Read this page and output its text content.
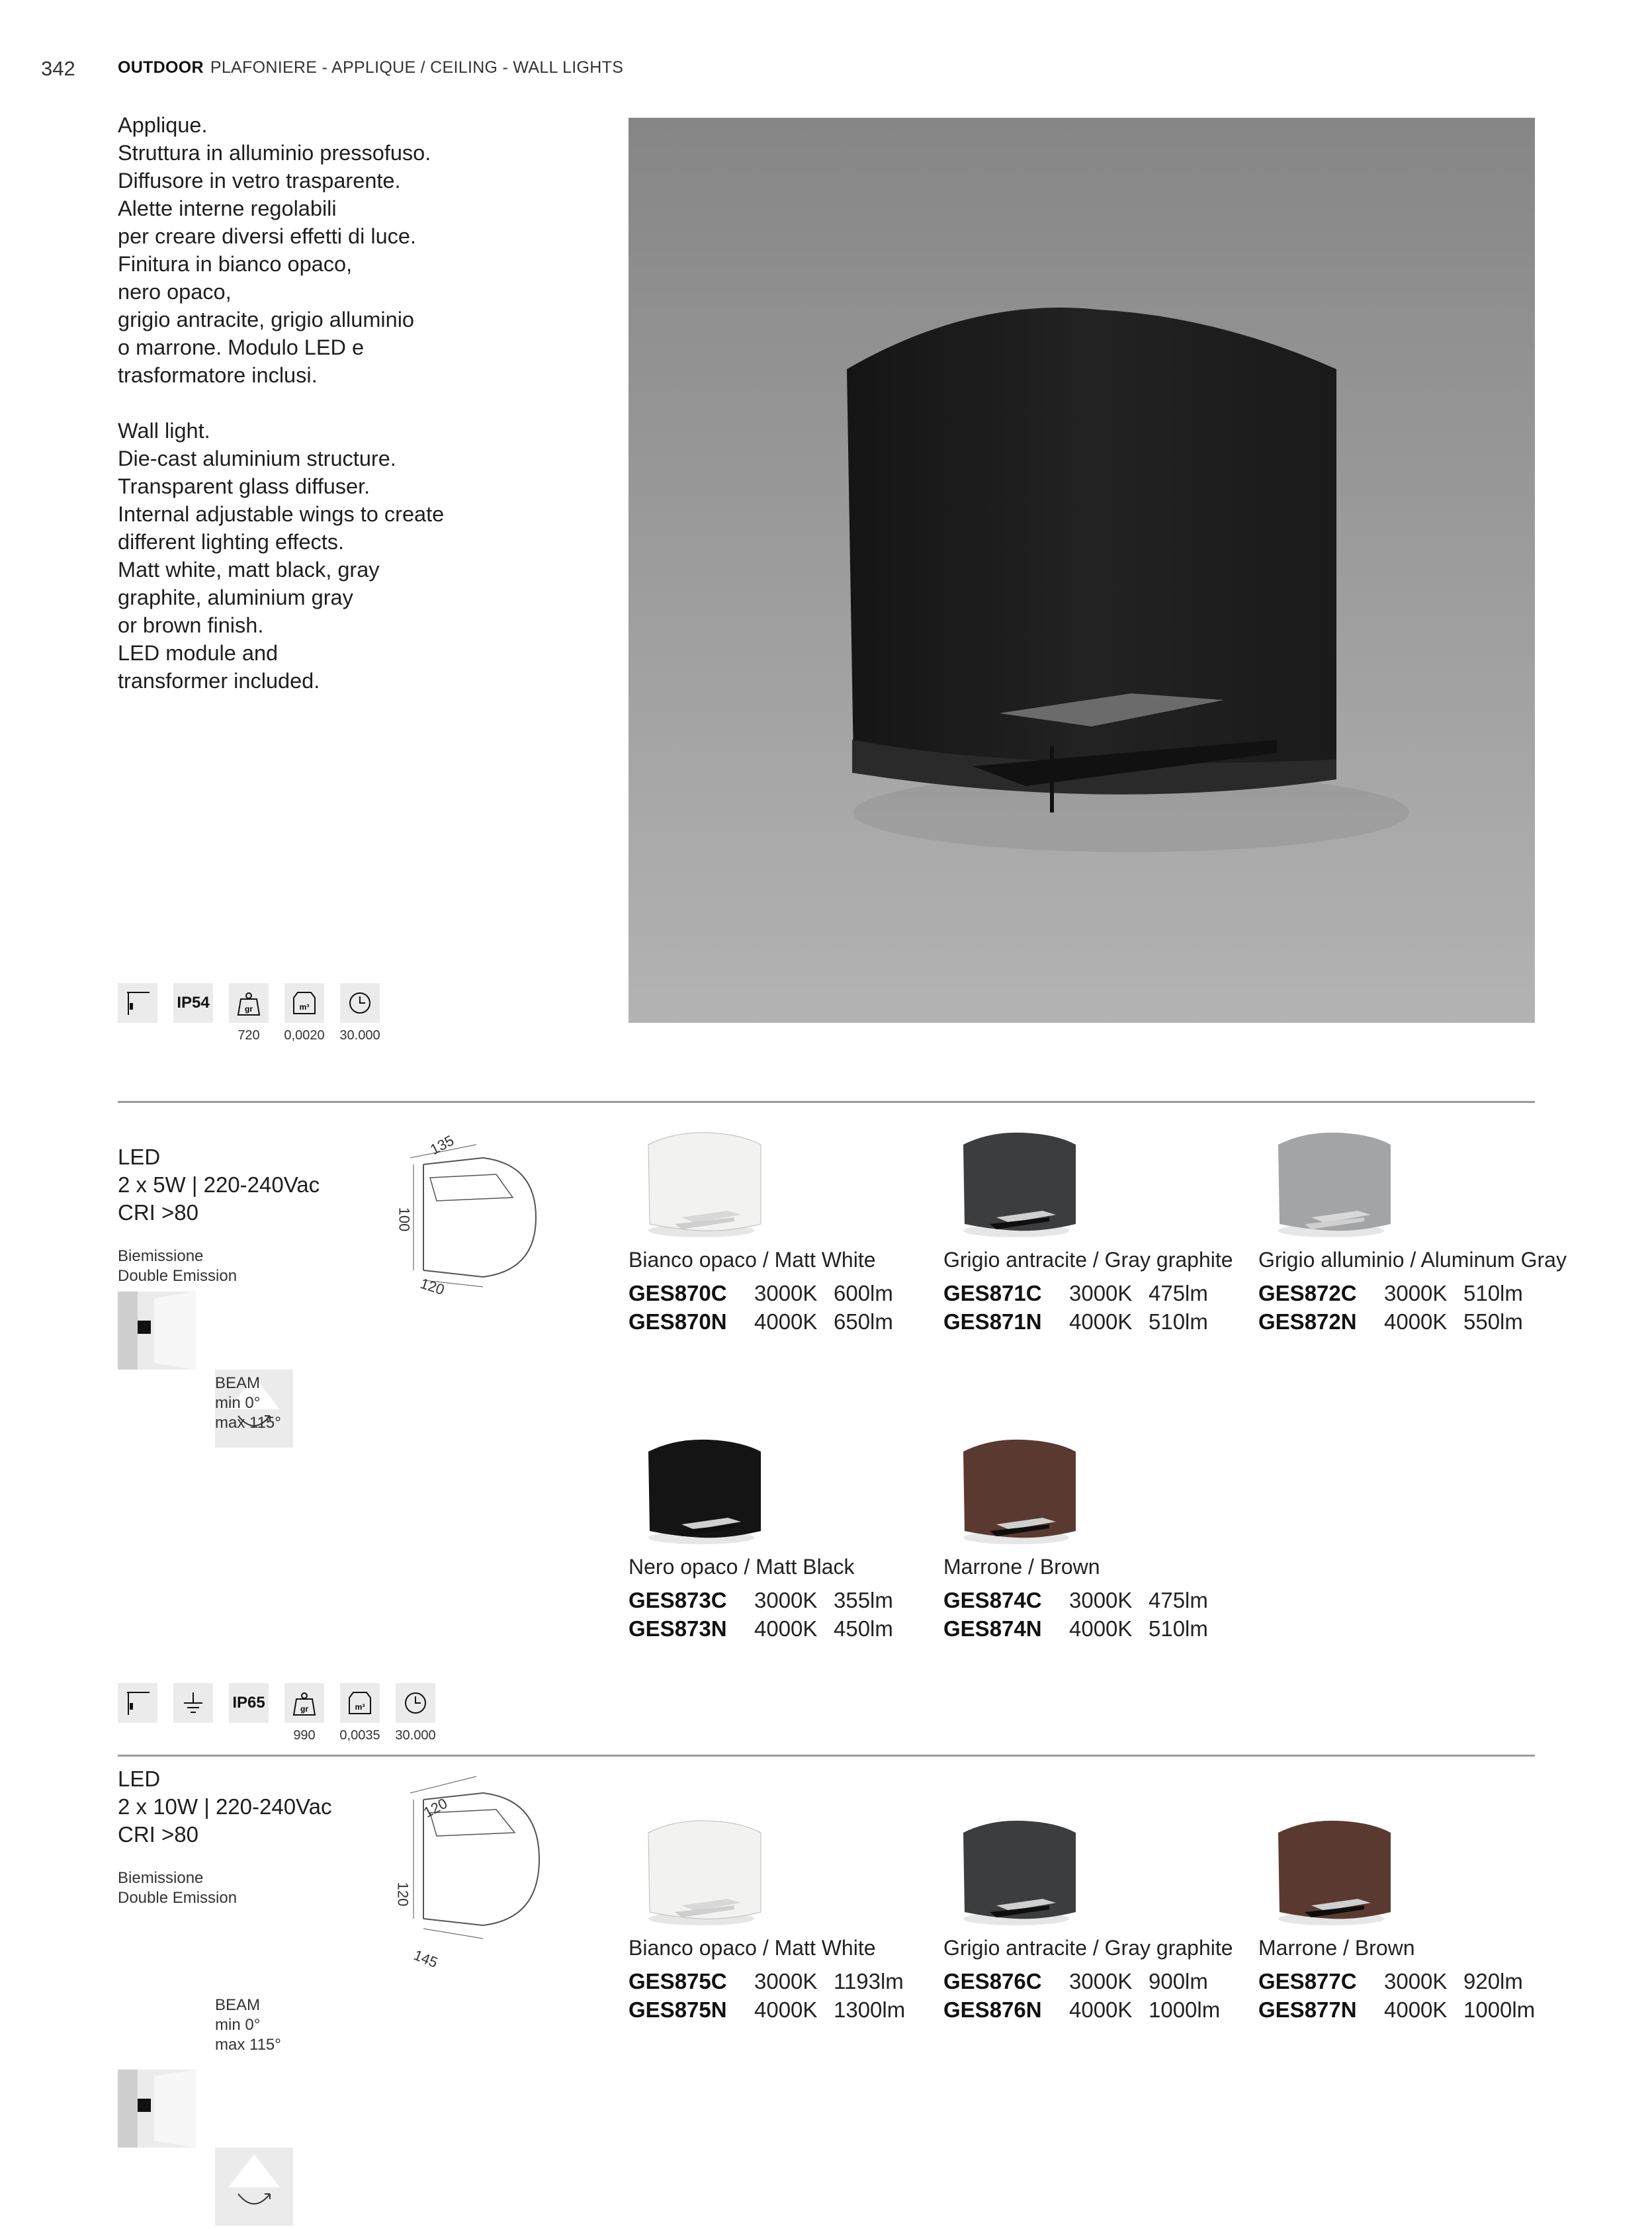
342	OUTDOOR PLAFONIERE - APPLIQUE / CEILING - WALL LIGHTS

Applique.
Struttura in alluminio pressofuso.
Diffusore in vetro trasparente.
Alette interne regolabili
per creare diversi effetti di luce.
Finitura in bianco opaco,
nero opaco,
grigio antracite, grigio alluminio
o marrone. Modulo LED e
trasformatore inclusi.

Wall light.
Die-cast aluminium structure.
Transparent glass diffuser.
Internal adjustable wings to create
different lighting effects.
Matt white, matt black, gray
graphite, aluminium gray
or brown finish.
LED module and
transformer included.

IP54	gr
720
m³
0,0020	30.000

LED

2 x 5W | 220-240Vac

CRI >80

Biemissione

Double Emission

BEAM

min 0°

max 115°

135
100
120
Bianco opaco / Matt White
GES870C	3000K 600lm
GES870N	4000K 650lm
Grigio antracite / Gray graphite
GES871C	3000K 475lm
GES871N	4000K 510lm
Grigio alluminio / Aluminum Gray
GES872C	3000K 510lm
GES872N	4000K 550lm
Nero opaco / Matt Black
GES873C	3000K 355lm
GES873N	4000K 450lm
Marrone / Brown
GES874C	3000K 475lm
GES874N	4000K 510lm
IP65	gr
990
m³
0,0035	30.000

LED

2 x 10W | 220-240Vac

CRI >80

Biemissione

Double Emission

BEAM

min 0°

max 115°

120
120
145	Bianco opaco / Matt White
GES875C	3000K 1193lm
GES875N	4000K 1300lm
Grigio antracite / Gray graphite
GES876C	3000K 900lm
GES876N	4000K 1000lm
Marrone / Brown
GES877C	3000K 920lm
GES877N	4000K 1000lm
